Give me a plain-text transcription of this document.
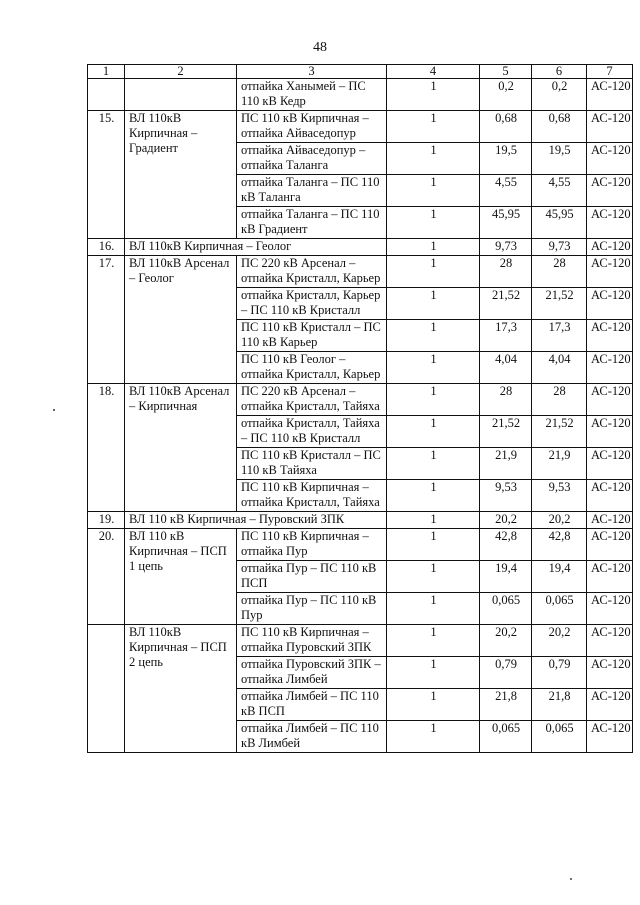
48
1	2	3	4	5	6	7
		отпайка Ханымей – ПС 110 кВ Кедр	1	0,2	0,2	АС-120
15.	ВЛ 110кВ Кирпичная – Градиент	ПС 110 кВ Кирпичная – отпайка Айваседопур	1	0,68	0,68	АС-120
		отпайка Айваседопур – отпайка Таланга	1	19,5	19,5	АС-120
		отпайка Таланга – ПС 110 кВ Таланга	1	4,55	4,55	АС-120
		отпайка Таланга – ПС 110 кВ Градиент	1	45,95	45,95	АС-120
16.	ВЛ 110кВ Кирпичная – Геолог		1	9,73	9,73	АС-120
17.	ВЛ 110кВ Арсенал – Геолог	ПС 220 кВ Арсенал – отпайка Кристалл, Карьер	1	28	28	АС-120
		отпайка Кристалл, Карьер – ПС 110 кВ Кристалл	1	21,52	21,52	АС-120
		ПС 110 кВ Кристалл – ПС 110 кВ Карьер	1	17,3	17,3	АС-120
		ПС 110 кВ Геолог – отпайка Кристалл, Карьер	1	4,04	4,04	АС-120
18.	ВЛ 110кВ Арсенал – Кирпичная	ПС 220 кВ Арсенал – отпайка Кристалл, Тайяха	1	28	28	АС-120
		отпайка Кристалл, Тайяха – ПС 110 кВ Кристалл	1	21,52	21,52	АС-120
		ПС 110 кВ Кристалл – ПС 110 кВ Тайяха	1	21,9	21,9	АС-120
		ПС 110 кВ Кирпичная – отпайка Кристалл, Тайяха	1	9,53	9,53	АС-120
19.	ВЛ 110 кВ Кирпичная – Пуровский ЗПК		1	20,2	20,2	АС-120
20.	ВЛ 110 кВ Кирпичная – ПСП 1 цепь	ПС 110 кВ Кирпичная – отпайка Пур	1	42,8	42,8	АС-120
		отпайка Пур – ПС 110 кВ ПСП	1	19,4	19,4	АС-120
		отпайка Пур – ПС 110 кВ Пур	1	0,065	0,065	АС-120
	ВЛ 110кВ Кирпичная – ПСП 2 цепь	ПС 110 кВ Кирпичная – отпайка Пуровский ЗПК	1	20,2	20,2	АС-120
		отпайка Пуровский ЗПК – отпайка Лимбей	1	0,79	0,79	АС-120
		отпайка Лимбей – ПС 110 кВ ПСП	1	21,8	21,8	АС-120
		отпайка Лимбей – ПС 110 кВ Лимбей	1	0,065	0,065	АС-120
